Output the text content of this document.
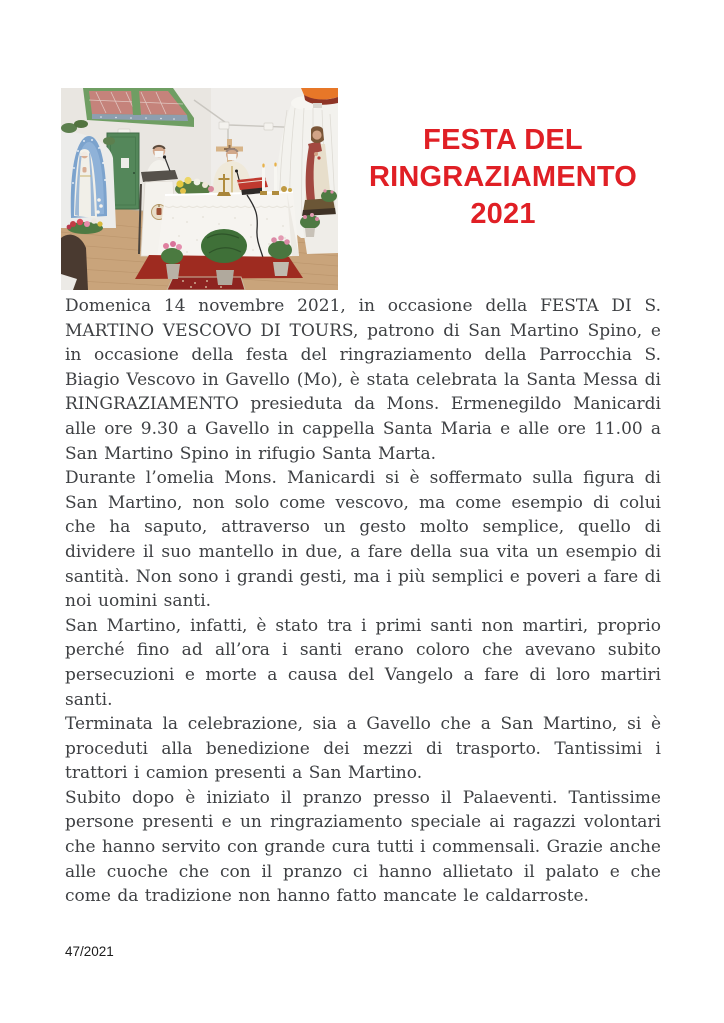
FESTA DEL
RINGRAZIAMENTO
2021

Domenica 14 novembre 2021, in occasione della FESTA DI S. MARTINO VESCOVO DI TOURS, patrono di San Martino Spino, e in occasione della festa del ringraziamento della Parrocchia S. Biagio Vescovo in Gavello (Mo), è stata celebrata la Santa Messa di RINGRAZIAMENTO presieduta da Mons. Ermenegildo Manicardi alle ore 9.30 a Gavello in cappella Santa Maria e alle ore 11.00 a San Martino Spino in rifugio Santa Marta.

Durante l’omelia Mons. Manicardi si è soffermato sulla figura di San Martino, non solo come vescovo, ma come esempio di colui che ha saputo, attraverso un gesto molto semplice, quello di dividere il suo mantello in due, a fare della sua vita un esempio di santità. Non sono i grandi gesti, ma i più semplici e poveri a fare di noi uomini santi.

San Martino, infatti, è stato tra i primi santi non martiri, proprio perché fino ad all’ora i santi erano coloro che avevano subito persecuzioni e morte a causa del Vangelo a fare di loro martiri santi.

Terminata la celebrazione, sia a Gavello che a San Martino, si è proceduti alla benedizione dei mezzi di trasporto. Tantissimi i trattori i camion presenti a San Martino.

Subito dopo è iniziato il pranzo presso il Palaeventi. Tantissime persone presenti e un ringraziamento speciale ai ragazzi volontari che hanno servito con grande cura tutti i commensali. Grazie anche alle cuoche che con il pranzo ci hanno allietato il palato e che come da tradizione non hanno fatto mancate le caldarroste.

47/2021
